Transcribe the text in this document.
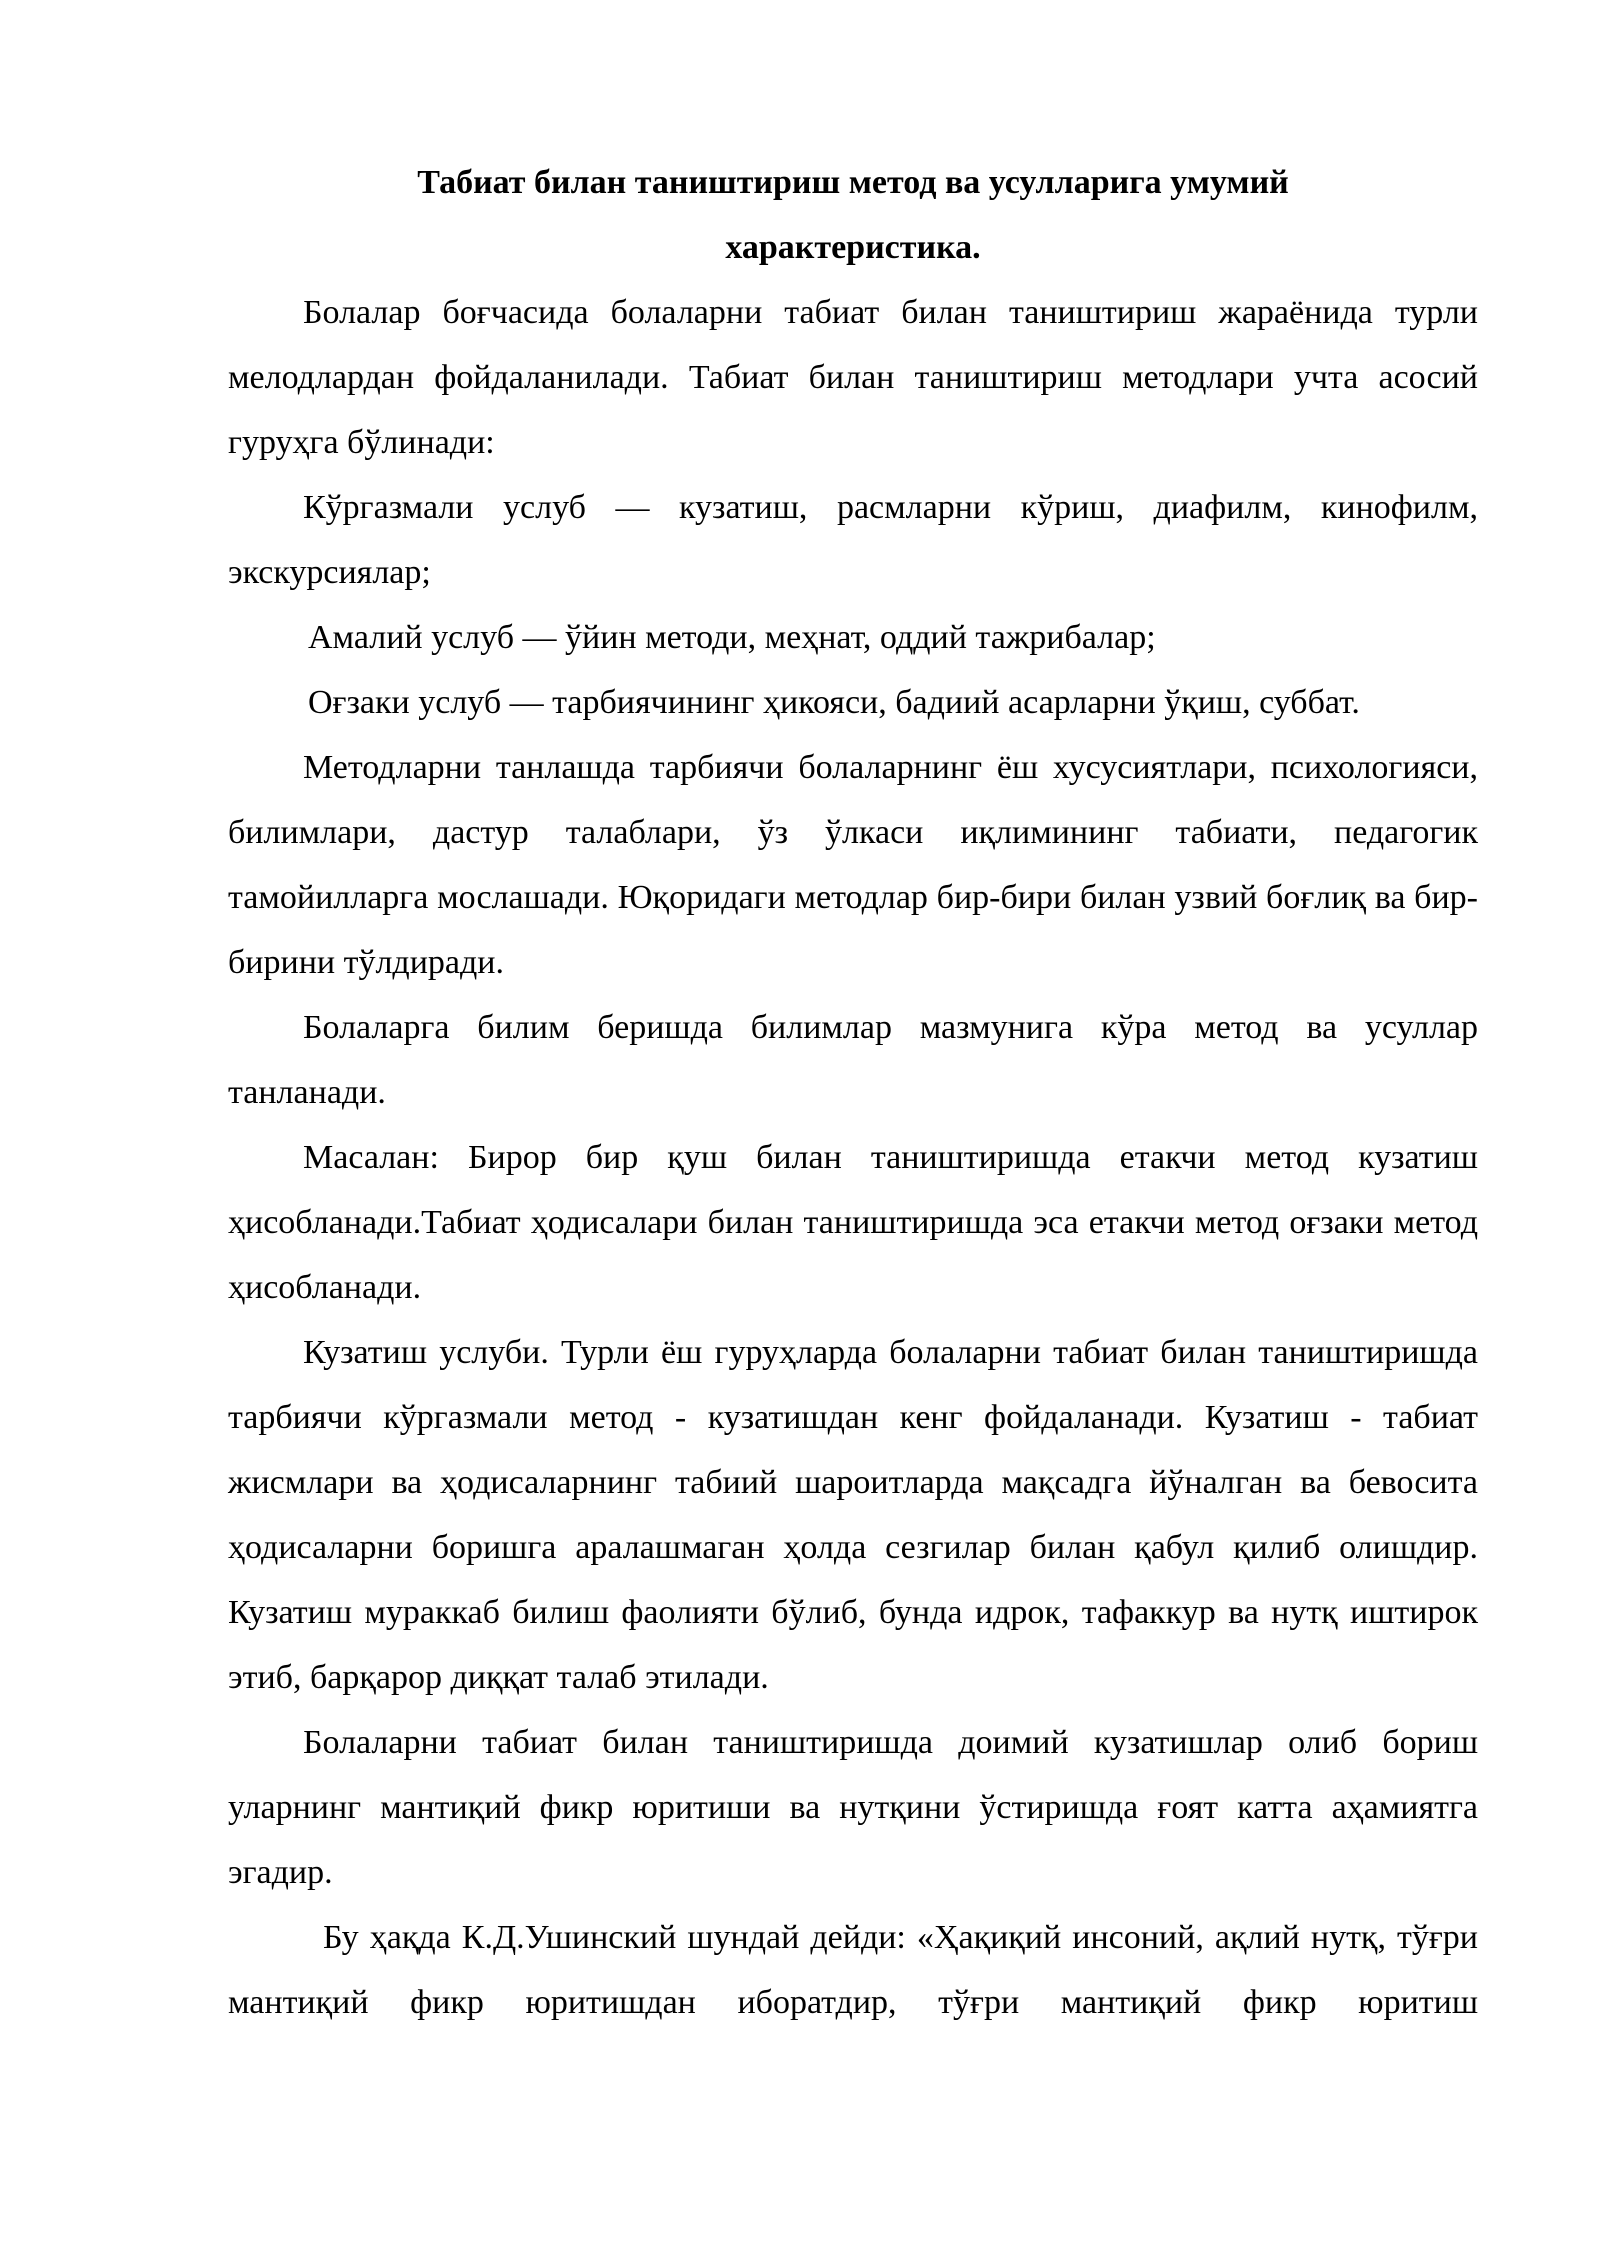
Табиат билан таништириш метод ва усулларига умумий
характеристика.

Болалар боғчасида болаларни табиат билан таништириш жараёнида турли мелодлардан фойдаланилади. Табиат билан таништириш методлари учта асосий гуруҳга бўлинади:

Кўргазмали услуб — кузатиш, расмларни кўриш, диафилм, кинофилм, экскурсиялар;

Амалий услуб — ўйин методи, меҳнат, оддий тажрибалар;

Оғзаки услуб — тарбиячининг ҳикояси, бадиий асарларни ўқиш, суббат.

Методларни танлашда тарбиячи болаларнинг ёш хусусиятлари, психологияси, билимлари, дастур талаблари, ўз ўлкаси иқлимининг табиати, педагогик тамойилларга мослашади. Юқоридаги методлар бир-бири билан узвий боғлиқ ва бир-бирини тўлдиради.

Болаларга билим беришда билимлар мазмунига кўра метод ва усуллар танланади.

Масалан: Бирор бир қуш билан таништиришда етакчи метод кузатиш ҳисобланади.Табиат ҳодисалари билан таништиришда эса етакчи метод оғзаки метод ҳисобланади.

Кузатиш услуби. Турли ёш гуруҳларда болаларни табиат билан таништиришда тарбиячи кўргазмали метод - кузатишдан кенг фойдаланади. Кузатиш - табиат жисмлари ва ҳодисаларнинг табиий шароитларда мақсадга йўналган ва бевосита ҳодисаларни боришга аралашмаган ҳолда сезгилар билан қабул қилиб олишдир. Кузатиш мураккаб билиш фаолияти бўлиб, бунда идрок, тафаккур ва нутқ иштирок этиб, барқарор диққат талаб этилади.

Болаларни табиат билан таништиришда доимий кузатишлар олиб бориш уларнинг мантиқий фикр юритиши ва нутқини ўстиришда ғоят катта аҳамиятга эгадир.

Бу ҳақда К.Д.Ушинский шундай дейди: «Ҳақиқий инсоний, ақлий нутқ, тўғри мантиқий фикр юритишдан иборатдир, тўғри мантиқий фикр юритиш
